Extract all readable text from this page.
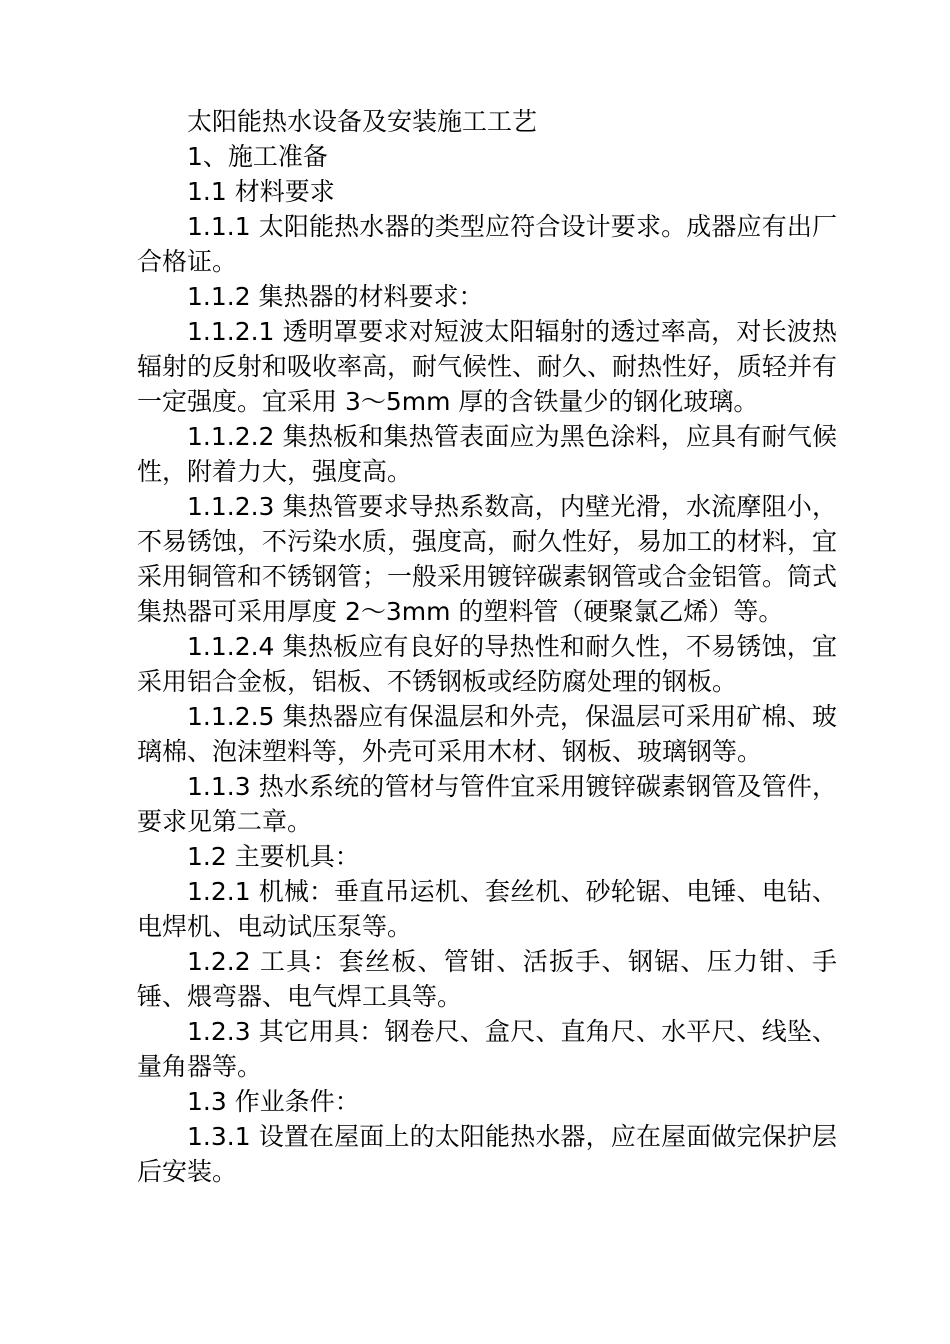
太阳能热水设备及安装施工工艺

1、施工准备

1.1 材料要求

1.1.1 太阳能热水器的类型应符合设计要求。成器应有出厂合格证。

1.1.2 集热器的材料要求：

1.1.2.1 透明罩要求对短波太阳辐射的透过率高，对长波热辐射的反射和吸收率高，耐气候性、耐久、耐热性好，质轻并有一定强度。宜采用 3～5mm 厚的含铁量少的钢化玻璃。

1.1.2.2 集热板和集热管表面应为黑色涂料，应具有耐气候性，附着力大，强度高。

1.1.2.3 集热管要求导热系数高，内壁光滑，水流摩阻小，不易锈蚀，不污染水质，强度高，耐久性好，易加工的材料，宜采用铜管和不锈钢管；一般采用镀锌碳素钢管或合金铝管。筒式集热器可采用厚度 2～3mm 的塑料管（硬聚氯乙烯）等。

1.1.2.4 集热板应有良好的导热性和耐久性，不易锈蚀，宜采用铝合金板，铝板、不锈钢板或经防腐处理的钢板。

1.1.2.5 集热器应有保温层和外壳，保温层可采用矿棉、玻璃棉、泡沫塑料等，外壳可采用木材、钢板、玻璃钢等。

1.1.3 热水系统的管材与管件宜采用镀锌碳素钢管及管件，要求见第二章。

1.2 主要机具：

1.2.1 机械：垂直吊运机、套丝机、砂轮锯、电锤、电钻、电焊机、电动试压泵等。

1.2.2 工具：套丝板、管钳、活扳手、钢锯、压力钳、手锤、煨弯器、电气焊工具等。

1.2.3 其它用具：钢卷尺、盒尺、直角尺、水平尺、线坠、量角器等。

1.3 作业条件：

1.3.1 设置在屋面上的太阳能热水器，应在屋面做完保护层后安装。
